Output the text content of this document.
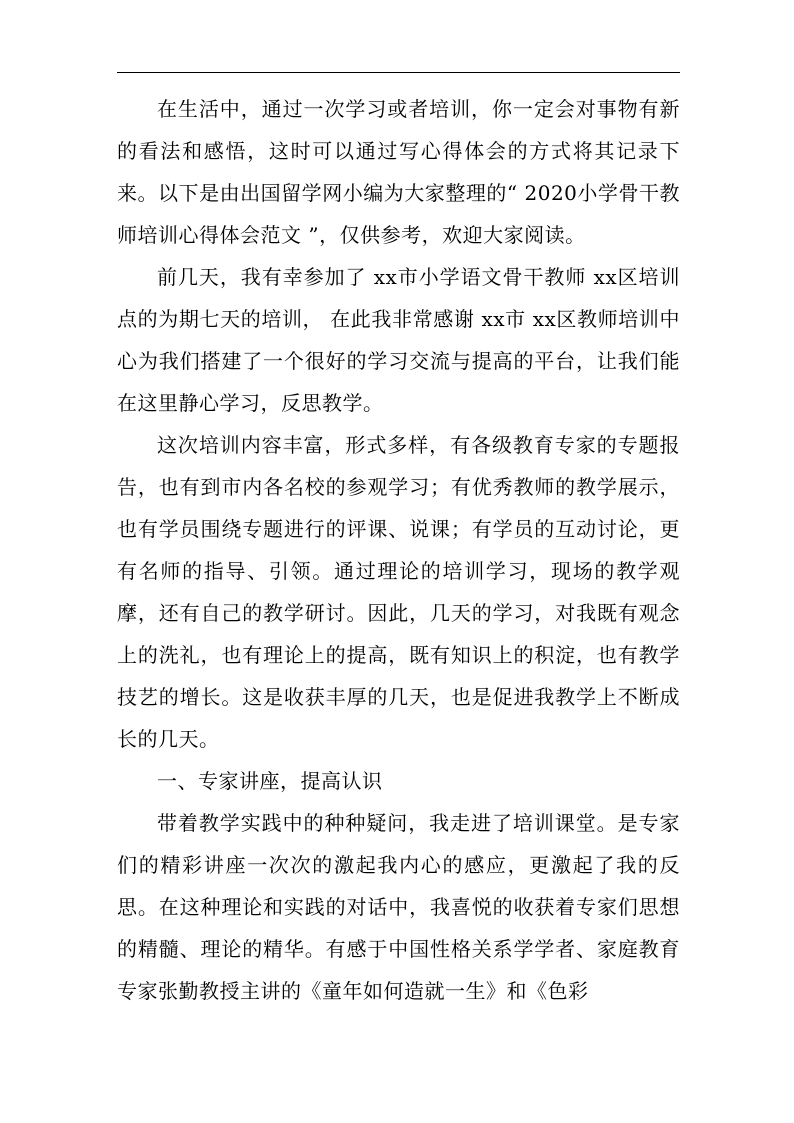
在生活中，通过一次学习或者培训，你一定会对事物有新的看法和感悟，这时可以通过写心得体会的方式将其记录下来。以下是由出国留学网小编为大家整理的“ 2020小学骨干教师培训心得体会范文 ”，仅供参考，欢迎大家阅读。

前几天，我有幸参加了 xx市小学语文骨干教师 xx区培训点的为期七天的培训， 在此我非常感谢 xx市 xx区教师培训中心为我们搭建了一个很好的学习交流与提高的平台，让我们能在这里静心学习，反思教学。

这次培训内容丰富，形式多样，有各级教育专家的专题报告，也有到市内各名校的参观学习；有优秀教师的教学展示，也有学员围绕专题进行的评课、说课；有学员的互动讨论，更有名师的指导、引领。通过理论的培训学习，现场的教学观摩，还有自己的教学研讨。因此，几天的学习，对我既有观念上的洗礼，也有理论上的提高，既有知识上的积淀，也有教学技艺的增长。这是收获丰厚的几天，也是促进我教学上不断成长的几天。

一、专家讲座，提高认识

带着教学实践中的种种疑问，我走进了培训课堂。是专家们的精彩讲座一次次的激起我内心的感应，更激起了我的反思。在这种理论和实践的对话中，我喜悦的收获着专家们思想的精髓、理论的精华。有感于中国性格关系学学者、家庭教育专家张勤教授主讲的《童年如何造就一生》和《色彩
